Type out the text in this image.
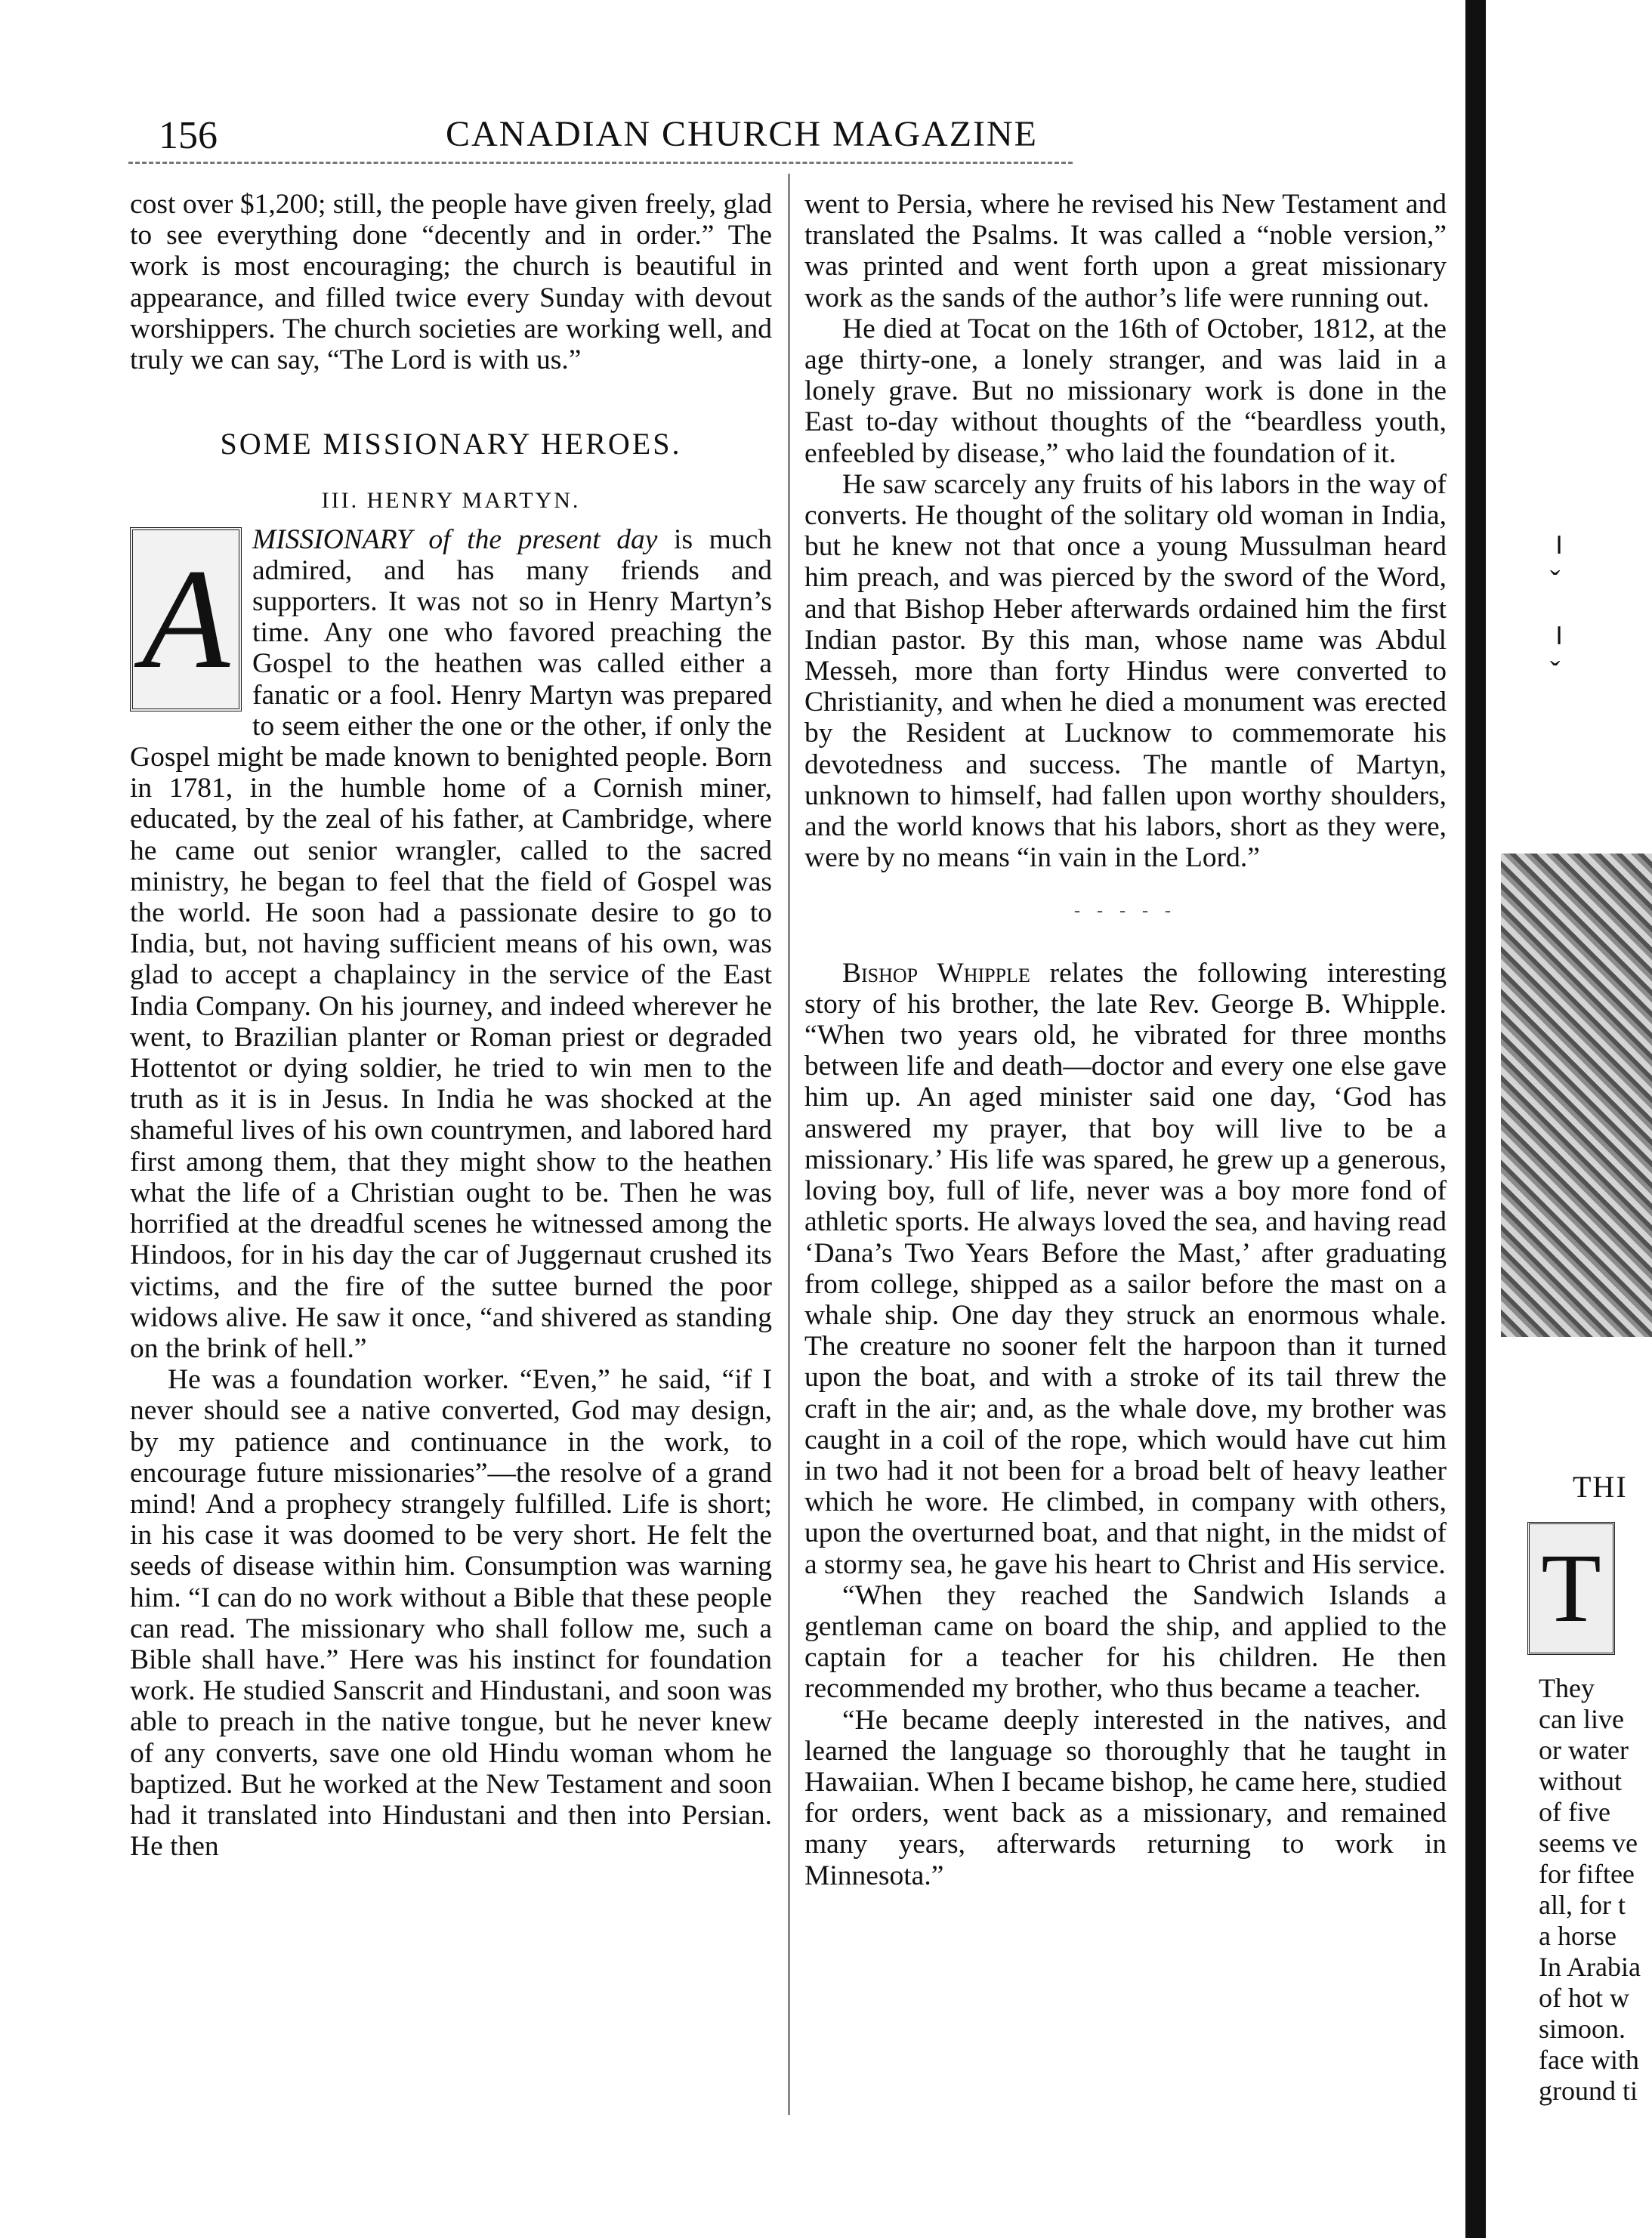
156	CANADIAN CHURCH MAGAZINE

cost over $1,200; still, the people have given freely, glad to see everything done “decently and in order.” The work is most encouraging; the church is beautiful in appearance, and filled twice every Sunday with devout worshippers. The church societies are working well, and truly we can say, “The Lord is with us.”

SOME MISSIONARY HEROES.
III. HENRY MARTYN.

A
MISSIONARY of the present day is much admired, and has many friends and supporters. It was not so in Henry Martyn’s time. Any one who favored preaching the Gospel to the heathen was called either a fanatic or a fool. Henry Martyn was prepared to seem either the one or the other, if only the Gospel might be made known to benighted people. Born in 1781, in the humble home of a Cornish miner, educated, by the zeal of his father, at Cambridge, where he came out senior wrangler, called to the sacred ministry, he began to feel that the field of Gospel was the world. He soon had a passionate desire to go to India, but, not having sufficient means of his own, was glad to accept a chaplaincy in the service of the East India Company. On his journey, and indeed wherever he went, to Brazilian planter or Roman priest or degraded Hottentot or dying soldier, he tried to win men to the truth as it is in Jesus. In India he was shocked at the shameful lives of his own countrymen, and labored hard first among them, that they might show to the heathen what the life of a Christian ought to be. Then he was horrified at the dreadful scenes he witnessed among the Hindoos, for in his day the car of Juggernaut crushed its victims, and the fire of the suttee burned the poor widows alive. He saw it once, “and shivered as standing on the brink of hell.”

He was a foundation worker. “Even,” he said, “if I never should see a native converted, God may design, by my patience and continuance in the work, to encourage future missionaries”—the resolve of a grand mind! And a prophecy strangely fulfilled. Life is short; in his case it was doomed to be very short. He felt the seeds of disease within him. Consumption was warning him. “I can do no work without a Bible that these people can read. The missionary who shall follow me, such a Bible shall have.” Here was his instinct for foundation work. He studied Sanscrit and Hindustani, and soon was able to preach in the native tongue, but he never knew of any converts, save one old Hindu woman whom he baptized. But he worked at the New Testament and soon had it translated into Hindustani and then into Persian. He then

went to Persia, where he revised his New Testament and translated the Psalms. It was called a “noble version,” was printed and went forth upon a great missionary work as the sands of the author’s life were running out.

He died at Tocat on the 16th of October, 1812, at the age thirty-one, a lonely stranger, and was laid in a lonely grave. But no missionary work is done in the East to-day without thoughts of the “beardless youth, enfeebled by disease,” who laid the foundation of it.

He saw scarcely any fruits of his labors in the way of converts. He thought of the solitary old woman in India, but he knew not that once a young Mussulman heard him preach, and was pierced by the sword of the Word, and that Bishop Heber afterwards ordained him the first Indian pastor. By this man, whose name was Abdul Messeh, more than forty Hindus were converted to Christianity, and when he died a monument was erected by the Resident at Lucknow to commemorate his devotedness and success. The mantle of Martyn, unknown to himself, had fallen upon worthy shoulders, and the world knows that his labors, short as they were, were by no means “in vain in the Lord.”

- - - - -

Bishop Whipple relates the following interesting story of his brother, the late Rev. George B. Whipple. “When two years old, he vibrated for three months between life and death—doctor and every one else gave him up. An aged minister said one day, ‘God has answered my prayer, that boy will live to be a missionary.’ His life was spared, he grew up a generous, loving boy, full of life, never was a boy more fond of athletic sports. He always loved the sea, and having read ‘Dana’s Two Years Before the Mast,’ after graduating from college, shipped as a sailor before the mast on a whale ship. One day they struck an enormous whale. The creature no sooner felt the harpoon than it turned upon the boat, and with a stroke of its tail threw the craft in the air; and, as the whale dove, my brother was caught in a coil of the rope, which would have cut him in two had it not been for a broad belt of heavy leather which he wore. He climbed, in company with others, upon the overturned boat, and that night, in the midst of a stormy sea, he gave his heart to Christ and His service.

“When they reached the Sandwich Islands a gentleman came on board the ship, and applied to the captain for a teacher for his children. He then recommended my brother, who thus became a teacher.

“He became deeply interested in the natives, and learned the language so thoroughly that he taught in Hawaiian. When I became bishop, he came here, studied for orders, went back as a missionary, and remained many years, afterwards returning to work in Minnesota.”

╷
ˇ
╷
ˇ
THI
T
They
can live
or water
without
of five
seems ve
for fiftee
all, for t
a horse
In Arabia
of hot w
simoon.
face with
ground ti
